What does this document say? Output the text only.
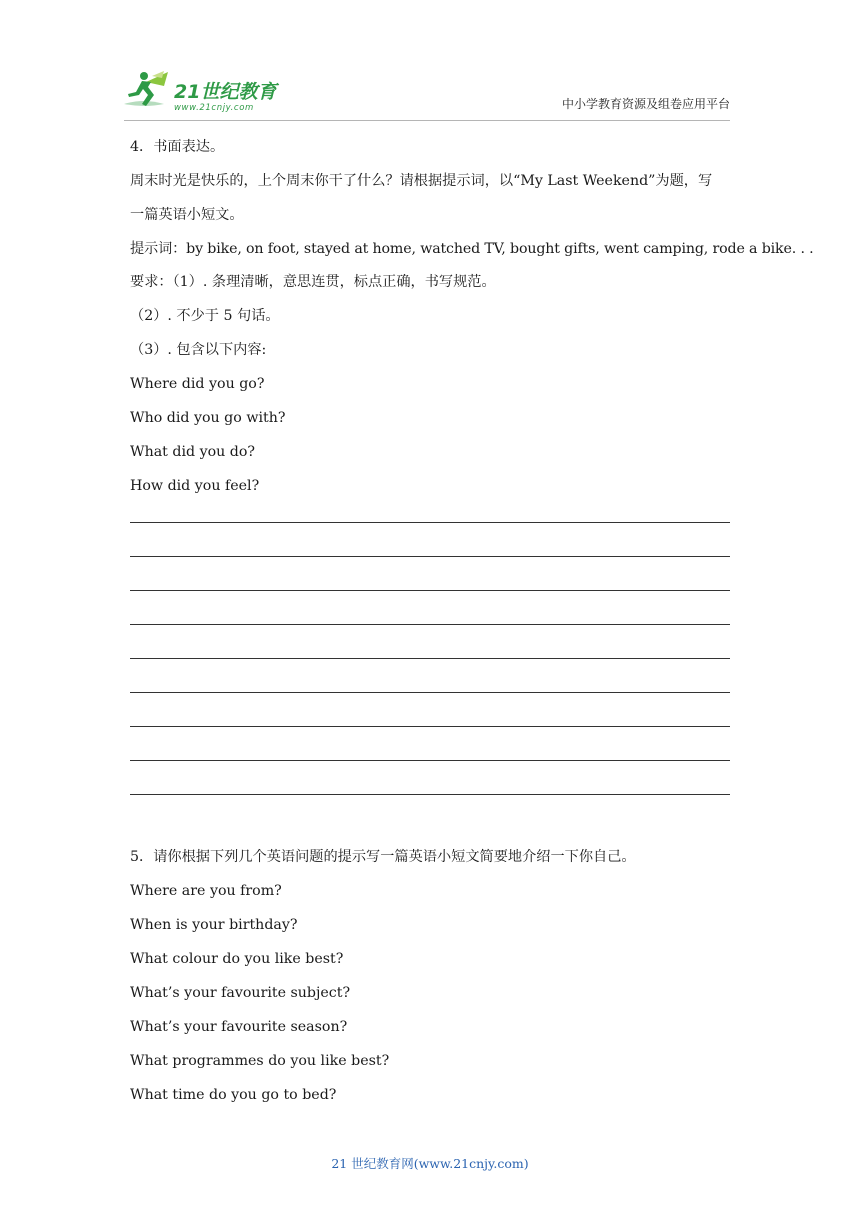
21世纪教育
www.21cnjy.com	中小学教育资源及组卷应用平台
4．书面表达。
周末时光是快乐的，上个周末你干了什么？请根据提示词，以“My Last Weekend”为题，写
一篇英语小短文。
提示词：by bike, on foot, stayed at home, watched TV, bought gifts, went camping, rode a bike. . .
要求：（1）. 条理清晰，意思连贯，标点正确，书写规范。
（2）. 不少于 5 句话。
（3）. 包含以下内容:
Where did you go?
Who did you go with?
What did you do?
How did you feel?
5．请你根据下列几个英语问题的提示写一篇英语小短文简要地介绍一下你自己。
Where are you from?
When is your birthday?
What colour do you like best?
What’s your favourite subject?
What’s your favourite season?
What programmes do you like best?
What time do you go to bed?
21 世纪教育网(www.21cnjy.com)
